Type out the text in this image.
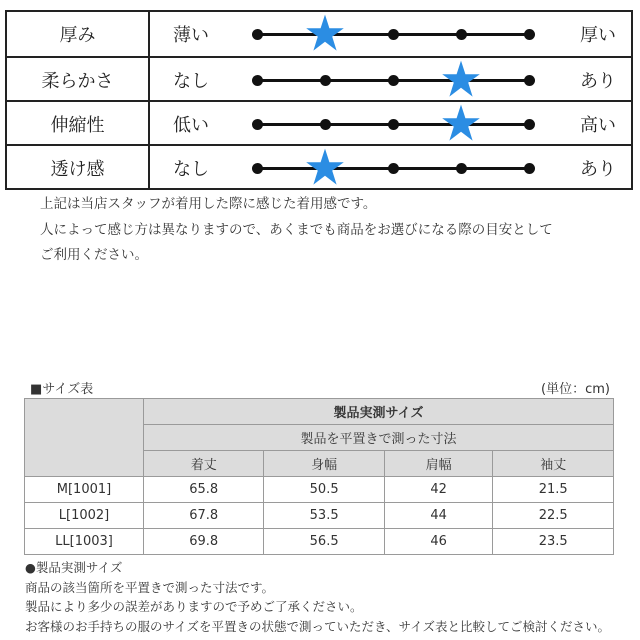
厚み	薄い	厚い
柔らかさ	なし	あり
伸縮性	低い	高い
透け感	なし	あり
上記は当店スタッフが着用した際に感じた着用感です。
人によって感じ方は異なりますので、あくまでも商品をお選びになる際の目安として
ご利用ください。
■サイズ表	(単位：cm)
	製品実測サイズ			
	製品を平置きで測った寸法			
	着丈	身幅	肩幅	袖丈
M[1001]	65.8	50.5	42	21.5
L[1002]	67.8	53.5	44	22.5
LL[1003]	69.8	56.5	46	23.5
●製品実測サイズ
商品の該当箇所を平置きで測った寸法です。
製品により多少の誤差がありますので予めご了承ください。
お客様のお手持ちの服のサイズを平置きの状態で測っていただき、サイズ表と比較してご検討ください。
